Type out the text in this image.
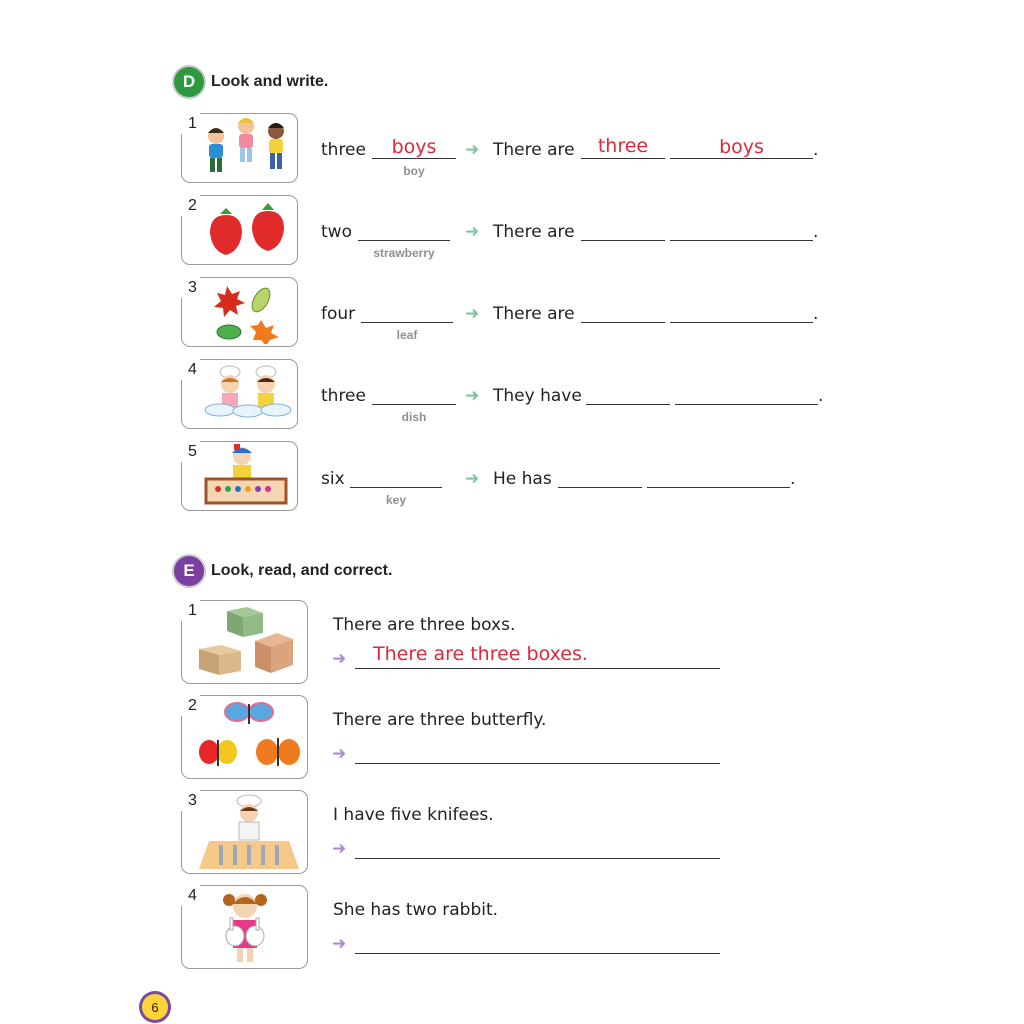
D Look and write.
1
2
3
4
5
three	boys
boy
➜ There are	three	boys	.
two
strawberry
➜ There are	.
four
leaf
➜ There are	.
three
dish
➜ They have	.
six
key
➜ He has	.
E Look, read, and correct.
1
2
3
4
There are three boxs.
➜ There are three boxes.
There are three butterfly.
➜
I have five knifees.
➜
She has two rabbit.
➜
6
